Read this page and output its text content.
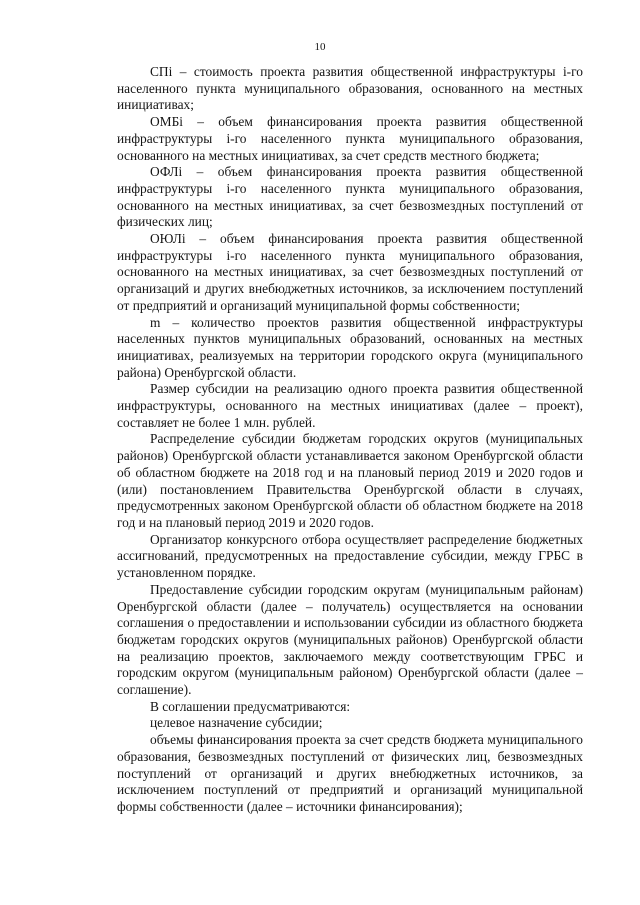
10

СПi – стоимость проекта развития общественной инфраструктуры i-го населенного пункта муниципального образования, основанного на местных инициативах;

ОМБi – объем финансирования проекта развития общественной инфраструктуры i-го населенного пункта муниципального образования, основанного на местных инициативах, за счет средств местного бюджета;

ОФЛi – объем финансирования проекта развития общественной инфраструктуры i-го населенного пункта муниципального образования, основанного на местных инициативах, за счет безвозмездных поступлений от физических лиц;

ОЮЛi – объем финансирования проекта развития общественной инфраструктуры i-го населенного пункта муниципального образования, основанного на местных инициативах, за счет безвозмездных поступлений от организаций и других внебюджетных источников, за исключением поступлений от предприятий и организаций муниципальной формы собственности;

m – количество проектов развития общественной инфраструктуры населенных пунктов муниципальных образований, основанных на местных инициативах, реализуемых на территории городского округа (муниципального района) Оренбургской области.

Размер субсидии на реализацию одного проекта развития общественной инфраструктуры, основанного на местных инициативах (далее – проект), составляет не более 1 млн. рублей.

Распределение субсидии бюджетам городских округов (муниципальных районов) Оренбургской области устанавливается законом Оренбургской области об областном бюджете на 2018 год и на плановый период 2019 и 2020 годов и (или) постановлением Правительства Оренбургской области в случаях, предусмотренных законом Оренбургской области об областном бюджете на 2018 год и на плановый период 2019 и 2020 годов.

Организатор конкурсного отбора осуществляет распределение бюджетных ассигнований, предусмотренных на предоставление субсидии, между ГРБС в установленном порядке.

Предоставление субсидии городским округам (муниципальным районам) Оренбургской области (далее – получатель) осуществляется на основании соглашения о предоставлении и использовании субсидии из областного бюджета бюджетам городских округов (муниципальных районов) Оренбургской области на реализацию проектов, заключаемого между соответствующим ГРБС и городским округом (муниципальным районом) Оренбургской области (далее – соглашение).

В соглашении предусматриваются:

целевое назначение субсидии;

объемы финансирования проекта за счет средств бюджета муниципального образования, безвозмездных поступлений от физических лиц, безвозмездных поступлений от организаций и других внебюджетных источников, за исключением поступлений от предприятий и организаций муниципальной формы собственности (далее – источники финансирования);
